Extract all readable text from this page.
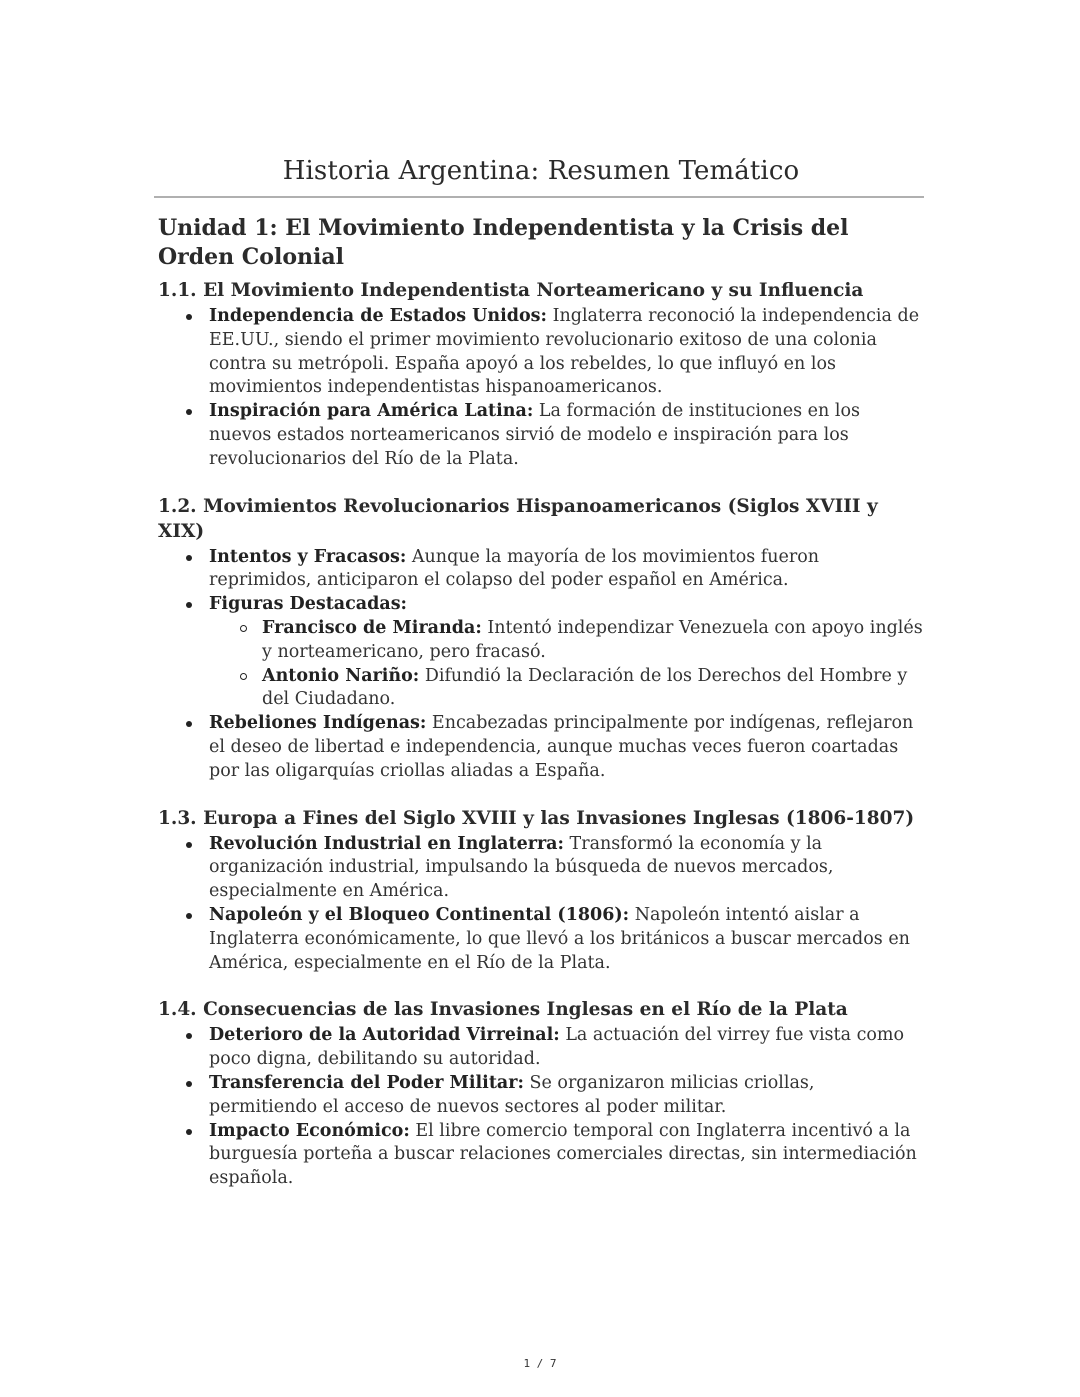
Historia Argentina: Resumen Temático
Unidad 1: El Movimiento Independentista y la Crisis del Orden Colonial
1.1. El Movimiento Independentista Norteamericano y su Influencia
Independencia de Estados Unidos: Inglaterra reconoció la independencia de EE.UU., siendo el primer movimiento revolucionario exitoso de una colonia contra su metrópoli. España apoyó a los rebeldes, lo que influyó en los movimientos independentistas hispanoamericanos.
Inspiración para América Latina: La formación de instituciones en los nuevos estados norteamericanos sirvió de modelo e inspiración para los revolucionarios del Río de la Plata.
1.2. Movimientos Revolucionarios Hispanoamericanos (Siglos XVIII y XIX)
Intentos y Fracasos: Aunque la mayoría de los movimientos fueron reprimidos, anticiparon el colapso del poder español en América.
Figuras Destacadas:
Francisco de Miranda: Intentó independizar Venezuela con apoyo inglés y norteamericano, pero fracasó.
Antonio Nariño: Difundió la Declaración de los Derechos del Hombre y del Ciudadano.
Rebeliones Indígenas: Encabezadas principalmente por indígenas, reflejaron el deseo de libertad e independencia, aunque muchas veces fueron coartadas por las oligarquías criollas aliadas a España.
1.3. Europa a Fines del Siglo XVIII y las Invasiones Inglesas (1806-1807)
Revolución Industrial en Inglaterra: Transformó la economía y la organización industrial, impulsando la búsqueda de nuevos mercados, especialmente en América.
Napoleón y el Bloqueo Continental (1806): Napoleón intentó aislar a Inglaterra económicamente, lo que llevó a los británicos a buscar mercados en América, especialmente en el Río de la Plata.
1.4. Consecuencias de las Invasiones Inglesas en el Río de la Plata
Deterioro de la Autoridad Virreinal: La actuación del virrey fue vista como poco digna, debilitando su autoridad.
Transferencia del Poder Militar: Se organizaron milicias criollas, permitiendo el acceso de nuevos sectores al poder militar.
Impacto Económico: El libre comercio temporal con Inglaterra incentivó a la burguesía porteña a buscar relaciones comerciales directas, sin intermediación española.
1 / 7
